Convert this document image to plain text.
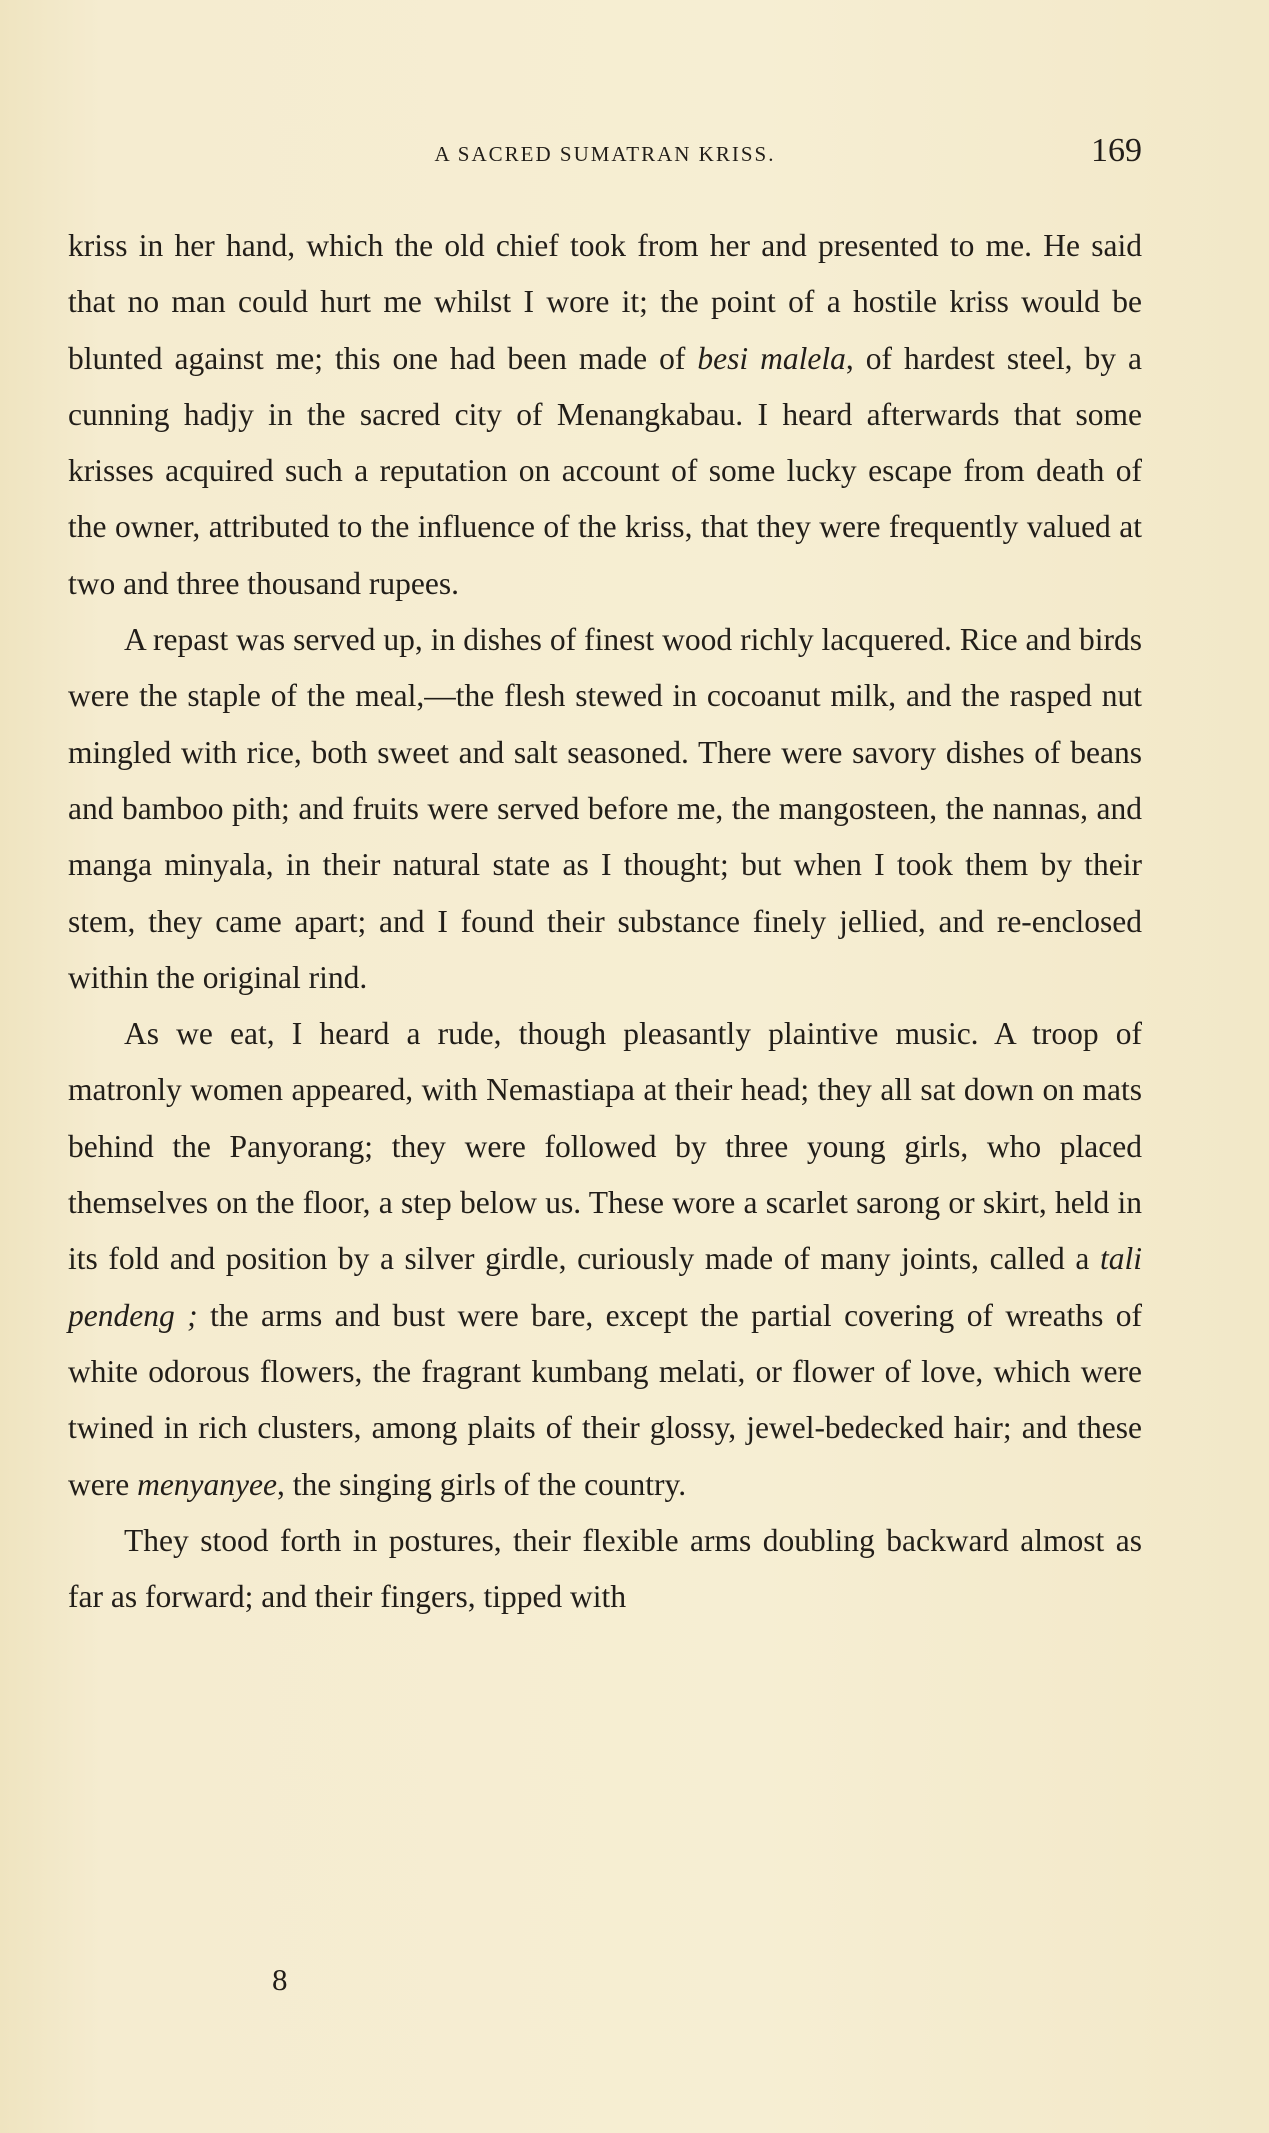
A SACRED SUMATRAN KRISS.	169

kriss in her hand, which the old chief took from her and presented to me. He said that no man could hurt me whilst I wore it; the point of a hostile kriss would be blunted against me; this one had been made of besi malela, of hardest steel, by a cunning hadjy in the sacred city of Menangkabau. I heard afterwards that some krisses acquired such a reputation on account of some lucky escape from death of the owner, attributed to the influence of the kriss, that they were frequently valued at two and three thousand rupees.

A repast was served up, in dishes of finest wood richly lacquered. Rice and birds were the staple of the meal,—the flesh stewed in cocoanut milk, and the rasped nut mingled with rice, both sweet and salt seasoned. There were savory dishes of beans and bamboo pith; and fruits were served before me, the mangosteen, the nannas, and manga minyala, in their natural state as I thought; but when I took them by their stem, they came apart; and I found their substance finely jellied, and re-enclosed within the original rind.

As we eat, I heard a rude, though pleasantly plaintive music. A troop of matronly women appeared, with Nemastiapa at their head; they all sat down on mats behind the Panyorang; they were followed by three young girls, who placed themselves on the floor, a step below us. These wore a scarlet sarong or skirt, held in its fold and position by a silver girdle, curiously made of many joints, called a tali pendeng ; the arms and bust were bare, except the partial covering of wreaths of white odorous flowers, the fragrant kumbang melati, or flower of love, which were twined in rich clusters, among plaits of their glossy, jewel-bedecked hair; and these were menyanyee, the singing girls of the country.

They stood forth in postures, their flexible arms doubling backward almost as far as forward; and their fingers, tipped with

8
